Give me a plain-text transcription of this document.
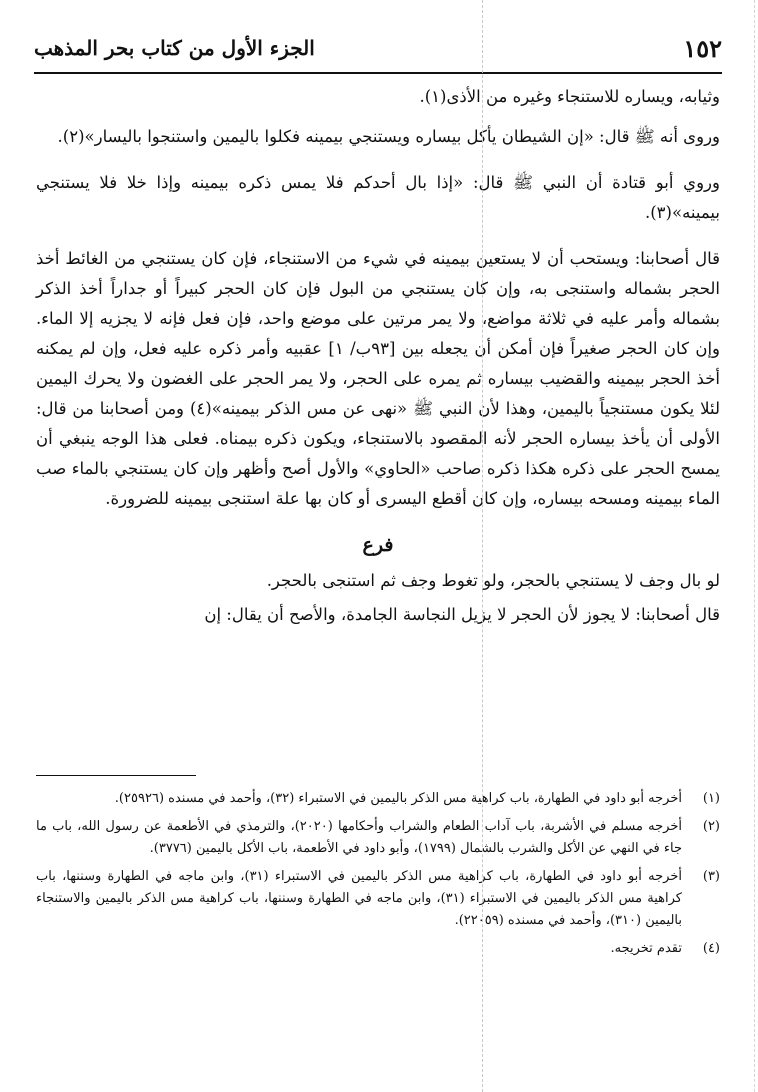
١٥٢
الجزء الأول من كتاب بحر المذهب

وثيابه، ويساره للاستنجاء وغيره من الأذى(١).

وروى أنه ﷺ قال: «إن الشيطان يأكل بيساره ويستنجي بيمينه فكلوا باليمين واستنجوا باليسار»(٢).

وروي أبو قتادة أن النبي ﷺ قال: «إذا بال أحدكم فلا يمس ذكره بيمينه وإذا خلا فلا يستنجي بيمينه»(٣).

قال أصحابنا: ويستحب أن لا يستعين بيمينه في شيء من الاستنجاء، فإن كان يستنجي من الغائط أخذ الحجر بشماله واستنجى به، وإن كان يستنجي من البول فإن كان الحجر كبيراً أو جداراً أخذ الذكر بشماله وأمر عليه في ثلاثة مواضع، ولا يمر مرتين على موضع واحد، فإن فعل فإنه لا يجزيه إلا الماء. وإن كان الحجر صغيراً فإن أمكن أن يجعله بين [٩٣ب/ ١] عقبيه وأمر ذكره عليه فعل، وإن لم يمكنه أخذ الحجر بيمينه والقضيب بيساره ثم يمره على الحجر، ولا يمر الحجر على الغضون ولا يحرك اليمين لئلا يكون مستنجياً باليمين، وهذا لأن النبي ﷺ «نهى عن مس الذكر بيمينه»(٤) ومن أصحابنا من قال: الأولى أن يأخذ بيساره الحجر لأنه المقصود بالاستنجاء، ويكون ذكره بيمناه. فعلى هذا الوجه ينبغي أن يمسح الحجر على ذكره هكذا ذكره صاحب «الحاوي» والأول أصح وأظهر وإن كان يستنجي بالماء صب الماء بيمينه ومسحه بيساره، وإن كان أقطع اليسرى أو كان بها علة استنجى بيمينه للضرورة.

فرع

لو بال وجف لا يستنجي بالحجر، ولو تغوط وجف ثم استنجى بالحجر.

قال أصحابنا: لا يجوز لأن الحجر لا يزيل النجاسة الجامدة، والأصح أن يقال: إن

(١)
أخرجه أبو داود في الطهارة، باب كراهية مس الذكر باليمين في الاستبراء (٣٢)، وأحمد في مسنده (٢٥٩٢٦).
(٢)
أخرجه مسلم في الأشربة، باب آداب الطعام والشراب وأحكامها (٢٠٢٠)، والترمذي في الأطعمة عن رسول الله، باب ما جاء في النهي عن الأكل والشرب بالشمال (١٧٩٩)، وأبو داود في الأطعمة، باب الأكل باليمين (٣٧٧٦).
(٣)
أخرجه أبو داود في الطهارة، باب كراهية مس الذكر باليمين في الاستبراء (٣١)، وابن ماجه في الطهارة وسننها، باب كراهية مس الذكر باليمين في الاستبراء (٣١)، وابن ماجه في الطهارة وسننها، باب كراهية مس الذكر باليمين والاستنجاء باليمين (٣١٠)، وأحمد في مسنده (٢٢٠٥٩).
(٤)
تقدم تخريجه.
